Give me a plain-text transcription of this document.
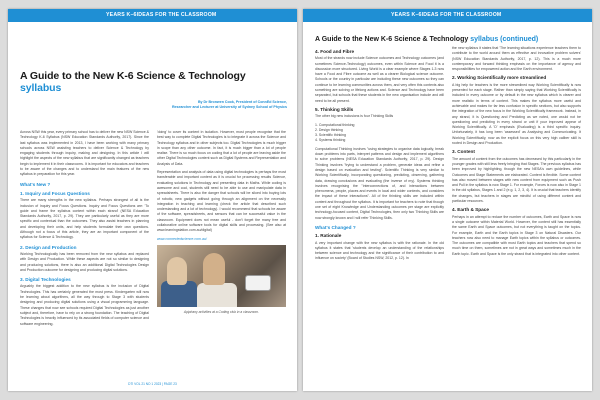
YEARS K–6IDEAS FOR THE CLASSROOM
A Guide to the New K-6 Science & Technology syllabus
By Dr Bronwen Cook, President of ConnEd Science,
Researcher and Lecturer at University of Sydney School of Physics

Across NSW this year, every primary school has to deliver the new NSW Science & Technology K-6 Syllabus (NSW Education Standards Authority, 2017). Since the last syllabus was implemented in 2013, I have been working with many primary schools across NSW assisting teachers to deliver Science & Technology by engaging students through inquiry, making and designing. In this article I will highlight the aspects of the new syllabus that are significantly changed as teachers begin to implement it in their classrooms. It is important for educators and teachers to be aware of the changes and to understand the main features of the new syllabus in preparation for this year.

What's New ?
1. Inquiry and Focus Questions

There are many strengths in the new syllabus. Perhaps strongest of all is the inclusion of Inquiry and Focus Questions. Inquiry and Focus Questions are: 'To guide and frame the syllabus content within each strand' (NESA Education Standards Authority, 2017, p. 29). They are particularly useful as they are more specific and contextual than the outcomes. They also assist teachers in planning and developing their units, and help students formulate their own questions. Although not a focus of this article, they are an important component of the syllabus for Science & Technology.

2. Design and Production

Working Technologically has been removed from the new syllabus and replaced with Design and Production. While these aspects are not so similar to designing and producing solutions, there is also an additional Digital Technologies Design and Production outcome for designing and producing digital solutions.

3. Digital Technologies

Arguably the biggest addition to the new syllabus is the inclusion of Digital Technologies. This has certainly generated the most press. Kindergarten will now be learning about algorithms, all the way through to Stage 3 with students designing and producing digital solutions using a visual programming language. These changes that now see schools required Digital Technologies as just another subject and, therefore, have to rely on a strong foundation. The teaching of Digital Technologies is heavily influenced by its associated fields of computer science and software engineering.

'doing' to cover its content in isolation. However, most people recognise that the best way to complete Digital Technologies is to integrate it across the Science and Technology syllabus and in other subjects too. Digital Technologies is much bigger in scope than any other outcome. In fact, it is much bigger than a lot of people realise. There is so much focus on coding that a lot of people are leaving aside the other Digital Technologies content such as Digital Systems and Representation and Analysis of Data.

Representation and analysis of data using digital technologies is perhaps the most transferable and important content as it is crucial for processing results Science, evaluating solutions in Technology and presenting data in Maths. While coding is awesome and cool, students still need to be able to use and manipulate data in spreadsheets. There is also the danger that schools will be siloed into buying lots of robotic, new gadgets without going through an alignment on the necessity integration in teaching and learning (check the article that described such understanding and a lot of technology). I would recommend that schools be aware of the software, spreadsheets, and sensors that can be successful value in the classroom. Equipment does not mean useful - don't forget the many free and collaborative online software tools for digital skills and processing. (See also at www.learningstation.com.au/digital)

www.connectedscience.com.au/

Apiphany activities at a Coding club in a classroom.
DTI VOL 21 NO 1 2023 | PAGE 23
YEARS K–6IDEAS FOR THE CLASSROOM
A Guide to the New K-6 Science & Technology syllabus (continued)
4. Food and Fibre

Most of the strands now include Science outcomes and Technology outcomes (and sometimes Science-Technology) outcomes, even within Science and Food it is a discussion more structured. Living World is a clear example where Stages 1-3 now have a Food and Fibre outcome as well as a clearer Biological science outcome. Schools or the country in particular are including these new outcomes so they can continue to be learning communities across them, and very often this contexts also something are solving or lifelong actions and. Science and Technology have been separated, but schools that these students in the new organisation include and will need to be all present.

5. Thinking Skills

The other big new inclusions is four Thinking Skills

1. Computational thinking
2. Design thinking
3. Scientific thinking
4. Systems thinking

Computational Thinking involves "using strategies to organise data logically, break down problems into parts, interpret patterns and design and implement algorithms to solve problems (NESA Education Standards Authority, 2017, p. 29). Design Thinking involves "trying to understand a problem, generate ideas and refine a design based on evaluation and testing". Scientific Thinking is very similar to Working Scientifically, incorporating questioning, predicting, observing, gathering data, drawing conclusions and evaluating (the inverse of my). Systems thinking involves recognising the "interconnections of, and interactions between phenomena, people, places and events in local and wider contexts, and considers the impact of these interactions". All of the thinking skills are included within content and throughout the syllabus. It is important for teachers to note that though one set of eight Knowledge and Understanding outcomes per stage are explicitly technology-focused content, Digital Technologies, then only two Thinking Skills are now strongly known and I will refer Thinking Skills.

What's Changed ?
1. Rationale

A very important change with the new syllabus is with the rationale. In the old syllabus it states that 'students develop an understanding of the relationships between science and technology and the significance of their contribution to and influence on society' (Board of Studies NSW, 2012, p. 12). In

the new syllabus it states that 'The learning situations experience teachers them to contribute to the world around them as effective and innovative problem solvers' (NSW Education Standards Authority, 2017, p. 12). This is a much more contemporary and forward thinking emphasis on the importance of agency and responsibilities for empowered action and the Earth environment.

2. Working Scientifically more streamlined

A big help for teachers is the more streamlined way Working Scientifically is now presented for each stage. Rather than simply saying that Working Scientifically is included in every outcome or by default in the new syllabus which is clearer and more realistic in terms of content. This makes the syllabus more useful and achievable and makes for far less confusion in specific sections, but also supports the integration of the new focus in the Working Scientifically framework. Instead, in any strand, it is Questioning and Predicting as we noted, one would not be questioning and predicting in every strand or unit if your improved appear of Working Scientifically. A 'D' emphasis (Evaluating) is a third specific inquiry. Unfortunately, it has long been 'assessed' as Analysing and Communicating. It Working Scientifically, now as the explicit focus on this very high caliber skill is rooted in Design and Production.

3. Content

The amount of content from the outcomes has decreased by this particularly in the younger grades with still less freely bringing that Stages. The previous syllabus has been improved by highlighting, though the new NESA's own guidelines, while Outcomes and Stage Statements are elaborated. Content is flexible. Some content has also moved between stages with new content from equipment such as Push and Pull in the syllabus is now Stage 1. For example, Forces is now also in Stage 1 in the old syllabus, Stages 1 and 2 (e.g. 1, 2, 3, 4). It is crucial that teachers identify the changes, but teachers in stages are mindful of using different content and particular resources.

4. Earth & Space

Perhaps in an attempt to reduce the number of outcomes, Earth and Space is now a single outcome within Material World. However, the content still has essentially the same Earth and Space outcomes, but not everything is taught on the topics. For example, Earth and the Earth topics in Stage 3 on Natural Disasters. Our teachers now also need to manage Earth topics within the syllabus or outcomes. The outcomes are compatible with most Earth topics and teachers that spend so much time on them, sometimes are not in great ways and sometimes much in the Earth topic. Earth and Space is the only strand that is integrated into other content.
